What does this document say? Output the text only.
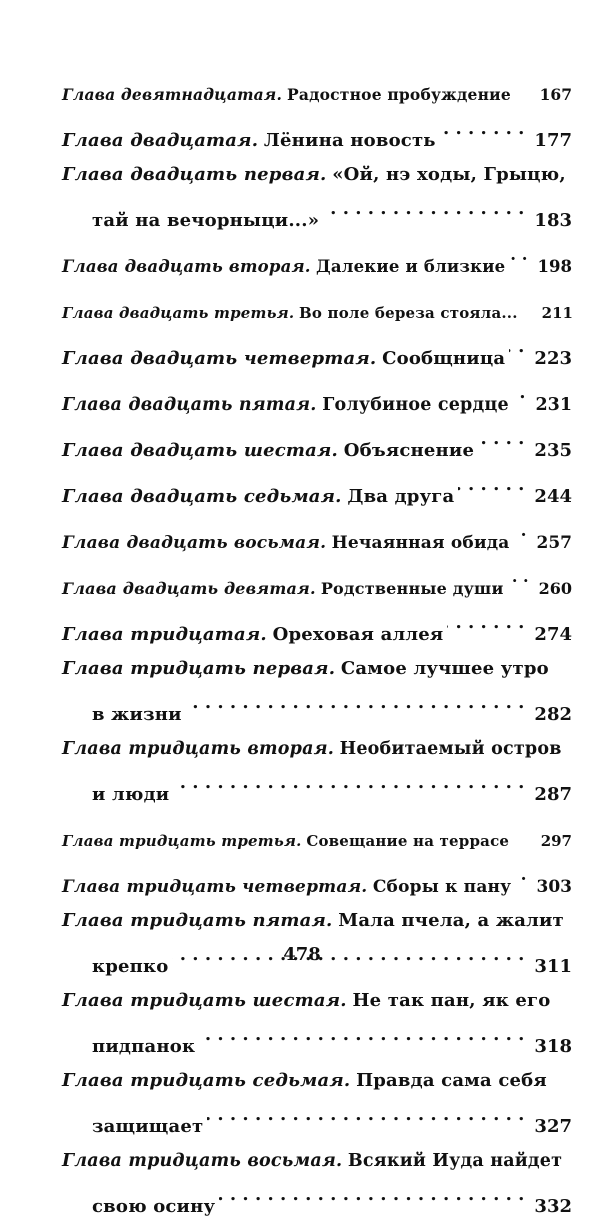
Глава девятнадцатая.
Радостное пробуждение	167
Глава двадцатая.
Лёнина новость . . .	177
Глава двадцать первая.
«Ой, нэ ходы, Грыцю,
тай на вечорныци...» . . .	183
Глава двадцать вторая.
Далекие и близкие . . .	198
Глава двадцать третья.
Во поле береза стояла...	211
Глава двадцать четвертая.
Сообщница . . .	223
Глава двадцать пятая.
Голубиное сердце . . .	231
Глава двадцать шестая.
Объяснение . . .	235
Глава двадцать седьмая.
Два друга . . .	244
Глава двадцать восьмая.
Нечаянная обида . . .	257
Глава двадцать девятая.
Родственные души . . .	260
Глава тридцатая.
Ореховая аллея . . .	274
Глава тридцать первая.
Самое лучшее утро
в жизни . . .	282
Глава тридцать вторая.
Необитаемый остров
и люди . . .	287
Глава тридцать третья.
Совещание на террасе	297
Глава тридцать четвертая.
Сборы к пану . . .	303
Глава тридцать пятая.
Мала пчела, а жалит
крепко . . .	311
Глава тридцать шестая.
Не так пан, як его
пидпанок . . .	318
Глава тридцать седьмая.
Правда сама себя
защищает . . .	327
Глава тридцать восьмая.
Всякий Иуда найдет
свою осину . . .	332
478
